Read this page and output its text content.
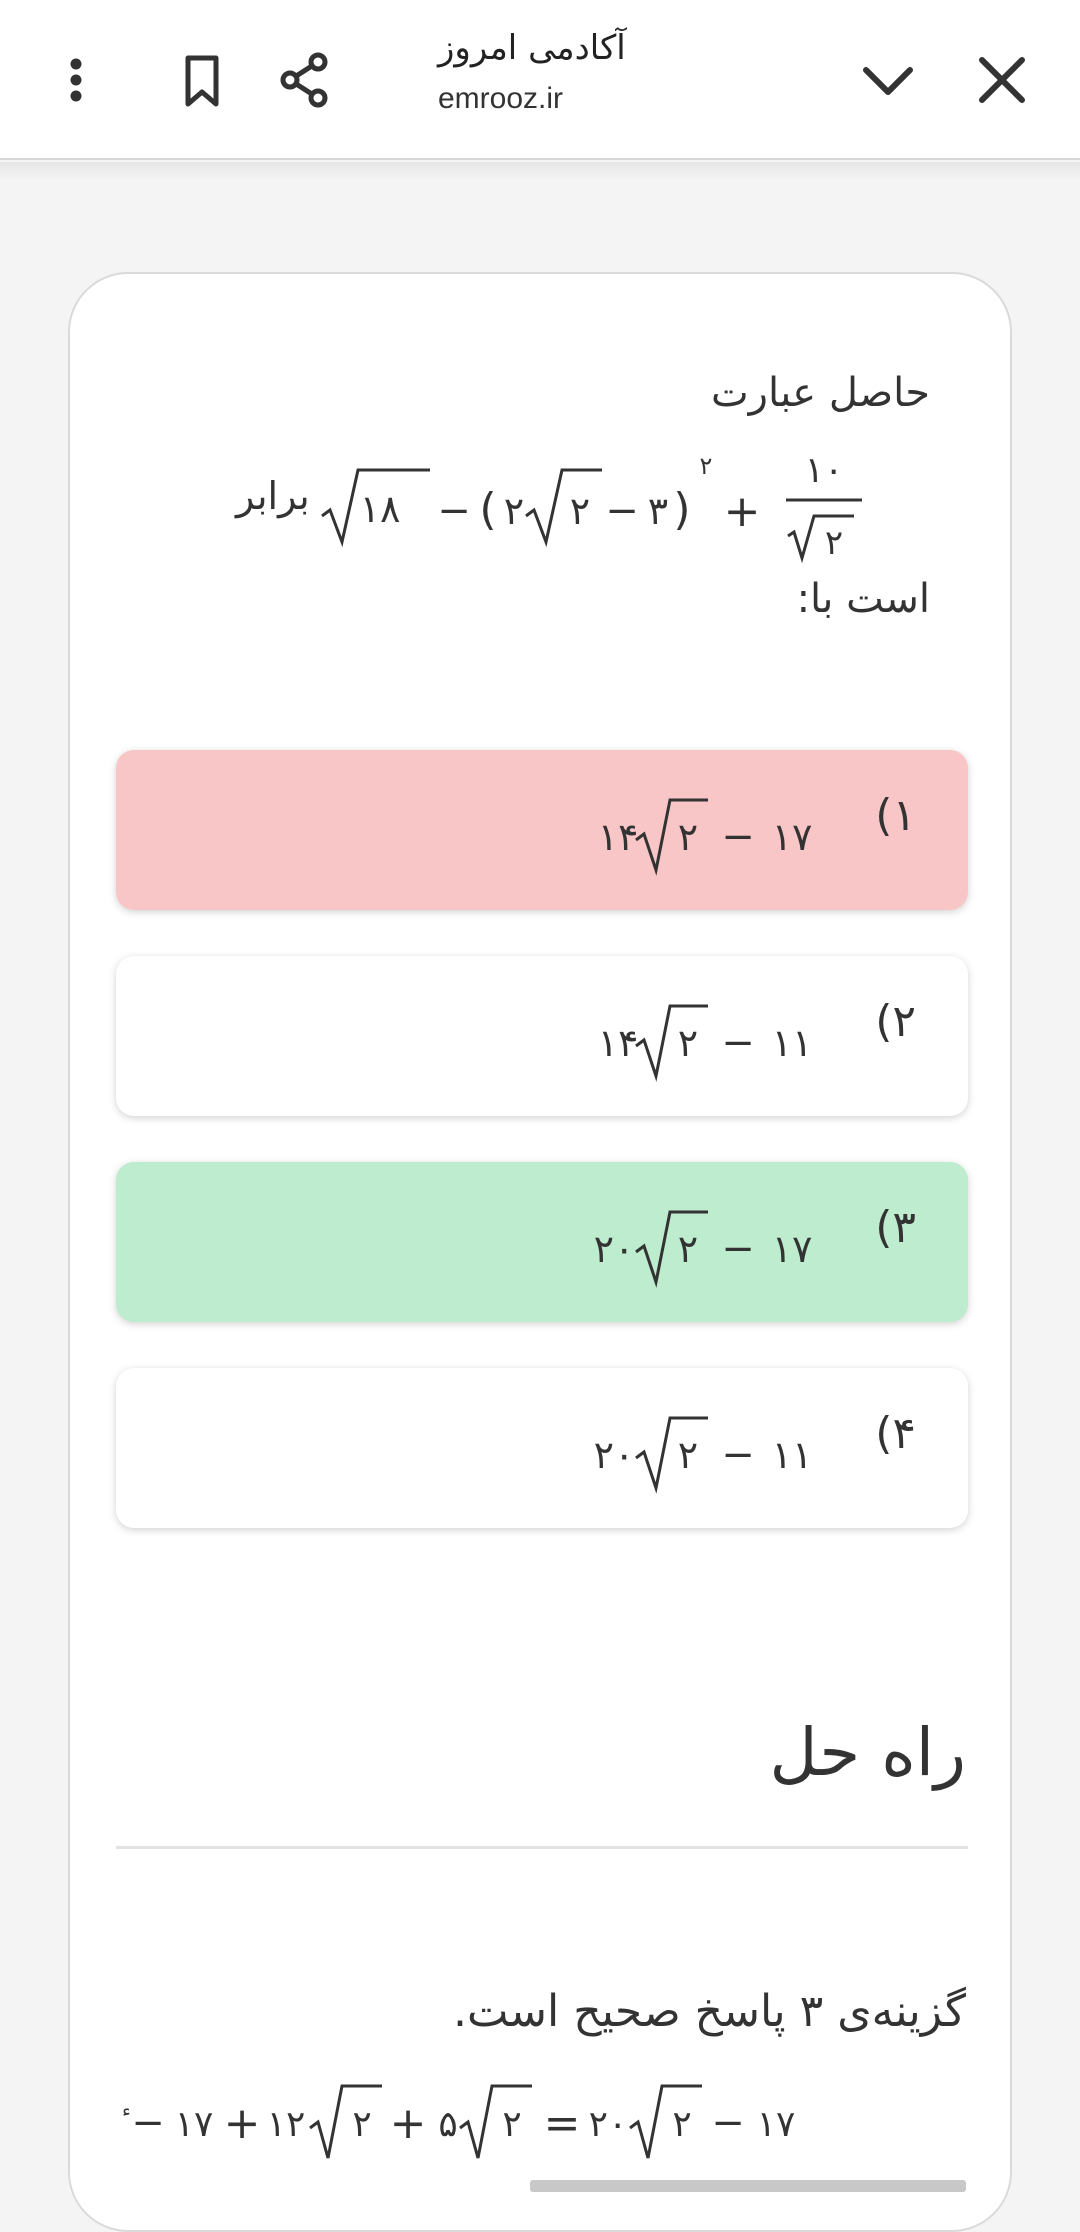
آکادمی امروز
emrooz.ir
حاصل عبارت
برابر ۱۸ − ( ۲ ۲ − ۳ )
۲
+
۱۰
۲
است با:
۱)
۱۴ ۲ − ۱۷
۲)
۱۴ ۲ − ۱۱
۳)
۲۰ ۲ − ۱۷
۴)
۲۰ ۲ − ۱۱
راه حل
گزینه‌ی ۳ پاسخ صحیح است.
− ۱۷ + ۱۲ ۲ + ۵ ۲ = ۲۰ ۲ − ۱۷
